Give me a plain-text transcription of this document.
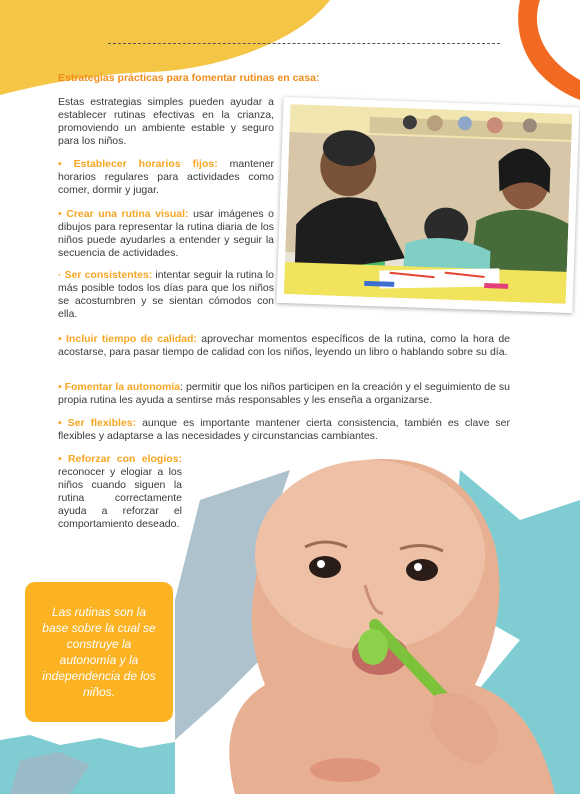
Estrategias prácticas para fomentar rutinas en casa:

Estas estrategias simples pueden ayudar a establecer rutinas efectivas en la crianza, promoviendo un ambiente estable y seguro para los niños.

• Establecer horarios fijos: mantener horarios regulares para actividades como comer, dormir y jugar.

• Crear una rutina visual: usar imágenes o dibujos para representar la rutina diaria de los niños puede ayudarles a entender y seguir la secuencia de actividades.

· Ser consistentes: intentar seguir la rutina lo más posible todos los días para que los niños se acostumbren y se sientan cómodos con ella.

• Incluir tiempo de calidad: aprovechar momentos específicos de la rutina, como la hora de acostarse, para pasar tiempo de calidad con los niños, leyendo un libro o hablando sobre su día.

• Fomentar la autonomía: permitir que los niños participen en la creación y el seguimiento de su propia rutina les ayuda a sentirse más responsables y les enseña a organizarse.

• Ser flexibles: aunque es importante mantener cierta consistencia, también es clave ser flexibles y adaptarse a las necesidades y circunstancias cambiantes.

• Reforzar con elogios: reconocer y elogiar a los niños cuando siguen la rutina correctamente ayuda a reforzar el comportamiento deseado.

Las rutinas son la base sobre la cual se construye la autonomía y la independencia de los niños.
